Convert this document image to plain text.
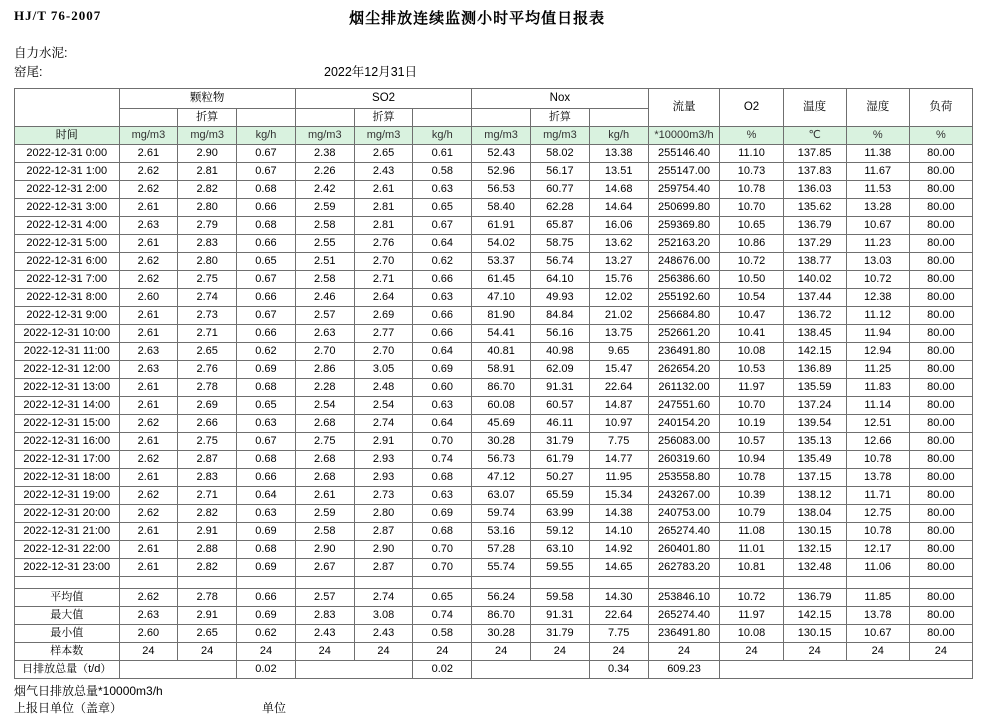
HJ/T 76-2007	烟尘排放连续监测小时平均值日报表
自力水泥:
窑尾:	2022年12月31日
	颗粒物			SO2			Nox			流量	O2	温度	湿度	负荷
		折算			折算			折算						
时间	mg/m3	mg/m3	kg/h	mg/m3	mg/m3	kg/h	mg/m3	mg/m3	kg/h	*10000m3/h	%	℃	%	%
2022-12-31 0:00	2.61	2.90	0.67	2.38	2.65	0.61	52.43	58.02	13.38	255146.40	11.10	137.85	11.38	80.00
2022-12-31 1:00	2.62	2.81	0.67	2.26	2.43	0.58	52.96	56.17	13.51	255147.00	10.73	137.83	11.67	80.00
2022-12-31 2:00	2.62	2.82	0.68	2.42	2.61	0.63	56.53	60.77	14.68	259754.40	10.78	136.03	11.53	80.00
2022-12-31 3:00	2.61	2.80	0.66	2.59	2.81	0.65	58.40	62.28	14.64	250699.80	10.70	135.62	13.28	80.00
2022-12-31 4:00	2.63	2.79	0.68	2.58	2.81	0.67	61.91	65.87	16.06	259369.80	10.65	136.79	10.67	80.00
2022-12-31 5:00	2.61	2.83	0.66	2.55	2.76	0.64	54.02	58.75	13.62	252163.20	10.86	137.29	11.23	80.00
2022-12-31 6:00	2.62	2.80	0.65	2.51	2.70	0.62	53.37	56.74	13.27	248676.00	10.72	138.77	13.03	80.00
2022-12-31 7:00	2.62	2.75	0.67	2.58	2.71	0.66	61.45	64.10	15.76	256386.60	10.50	140.02	10.72	80.00
2022-12-31 8:00	2.60	2.74	0.66	2.46	2.64	0.63	47.10	49.93	12.02	255192.60	10.54	137.44	12.38	80.00
2022-12-31 9:00	2.61	2.73	0.67	2.57	2.69	0.66	81.90	84.84	21.02	256684.80	10.47	136.72	11.12	80.00
2022-12-31 10:00	2.61	2.71	0.66	2.63	2.77	0.66	54.41	56.16	13.75	252661.20	10.41	138.45	11.94	80.00
2022-12-31 11:00	2.63	2.65	0.62	2.70	2.70	0.64	40.81	40.98	9.65	236491.80	10.08	142.15	12.94	80.00
2022-12-31 12:00	2.63	2.76	0.69	2.86	3.05	0.69	58.91	62.09	15.47	262654.20	10.53	136.89	11.25	80.00
2022-12-31 13:00	2.61	2.78	0.68	2.28	2.48	0.60	86.70	91.31	22.64	261132.00	11.97	135.59	11.83	80.00
2022-12-31 14:00	2.61	2.69	0.65	2.54	2.54	0.63	60.08	60.57	14.87	247551.60	10.70	137.24	11.14	80.00
2022-12-31 15:00	2.62	2.66	0.63	2.68	2.74	0.64	45.69	46.11	10.97	240154.20	10.19	139.54	12.51	80.00
2022-12-31 16:00	2.61	2.75	0.67	2.75	2.91	0.70	30.28	31.79	7.75	256083.00	10.57	135.13	12.66	80.00
2022-12-31 17:00	2.62	2.87	0.68	2.68	2.93	0.74	56.73	61.79	14.77	260319.60	10.94	135.49	10.78	80.00
2022-12-31 18:00	2.61	2.83	0.66	2.68	2.93	0.68	47.12	50.27	11.95	253558.80	10.78	137.15	13.78	80.00
2022-12-31 19:00	2.62	2.71	0.64	2.61	2.73	0.63	63.07	65.59	15.34	243267.00	10.39	138.12	11.71	80.00
2022-12-31 20:00	2.62	2.82	0.63	2.59	2.80	0.69	59.74	63.99	14.38	240753.00	10.79	138.04	12.75	80.00
2022-12-31 21:00	2.61	2.91	0.69	2.58	2.87	0.68	53.16	59.12	14.10	265274.40	11.08	130.15	10.78	80.00
2022-12-31 22:00	2.61	2.88	0.68	2.90	2.90	0.70	57.28	63.10	14.92	260401.80	11.01	132.15	12.17	80.00
2022-12-31 23:00	2.61	2.82	0.69	2.67	2.87	0.70	55.74	59.55	14.65	262783.20	10.81	132.48	11.06	80.00

平均值	2.62	2.78	0.66	2.57	2.74	0.65	56.24	59.58	14.30	253846.10	10.72	136.79	11.85	80.00
最大值	2.63	2.91	0.69	2.83	3.08	0.74	86.70	91.31	22.64	265274.40	11.97	142.15	13.78	80.00
最小值	2.60	2.65	0.62	2.43	2.43	0.58	30.28	31.79	7.75	236491.80	10.08	130.15	10.67	80.00
样本数	24	24	24	24	24	24	24	24	24	24	24	24	24	24
日排放总量（t/d）			0.02			0.02			0.34	609.23				
烟气日排放总量*10000m3/h
上报日单位（盖章）	单位
